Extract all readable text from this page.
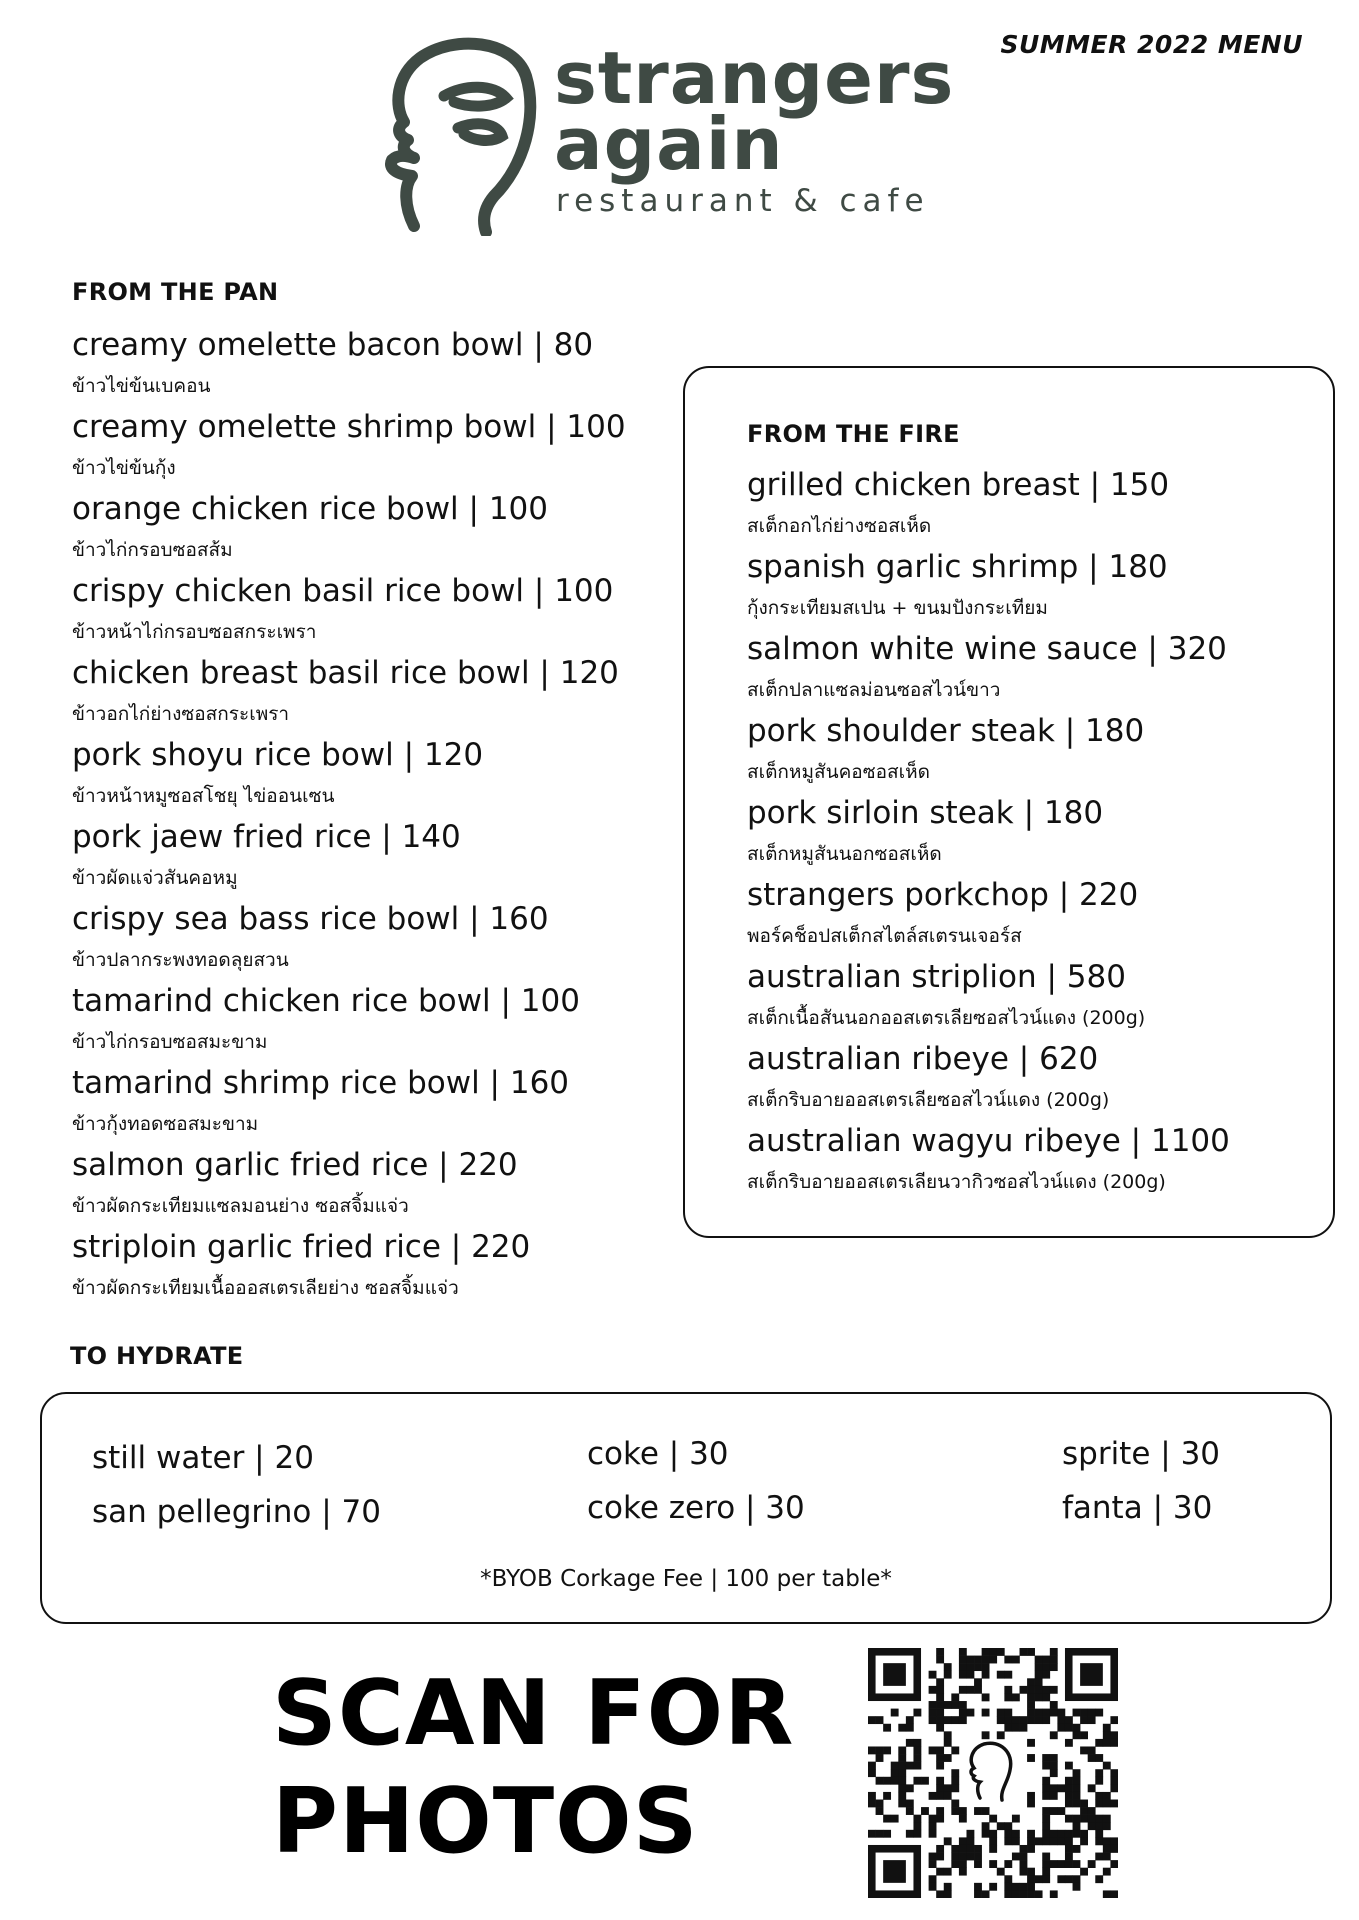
SUMMER 2022 MENU
strangers
again
restaurant & cafe
FROM THE PAN
creamy omelette bacon bowl | 80
ข้าวไข่ข้นเบคอน
creamy omelette shrimp bowl | 100
ข้าวไข่ข้นกุ้ง
orange chicken rice bowl | 100
ข้าวไก่กรอบซอสส้ม
crispy chicken basil rice bowl | 100
ข้าวหน้าไก่กรอบซอสกระเพรา
chicken breast basil rice bowl | 120
ข้าวอกไก่ย่างซอสกระเพรา
pork shoyu rice bowl | 120
ข้าวหน้าหมูซอสโชยุ ไข่ออนเซน
pork jaew fried rice | 140
ข้าวผัดแจ่วสันคอหมู
crispy sea bass rice bowl | 160
ข้าวปลากระพงทอดลุยสวน
tamarind chicken rice bowl | 100
ข้าวไก่กรอบซอสมะขาม
tamarind shrimp rice bowl | 160
ข้าวกุ้งทอดซอสมะขาม
salmon garlic fried rice | 220
ข้าวผัดกระเทียมแซลมอนย่าง ซอสจิ้มแจ่ว
striploin garlic fried rice | 220
ข้าวผัดกระเทียมเนื้อออสเตรเลียย่าง ซอสจิ้มแจ่ว
FROM THE FIRE
grilled chicken breast | 150
สเต็กอกไก่ย่างซอสเห็ด
spanish garlic shrimp | 180
กุ้งกระเทียมสเปน + ขนมปังกระเทียม
salmon white wine sauce | 320
สเต็กปลาแซลม่อนซอสไวน์ขาว
pork shoulder steak | 180
สเต็กหมูสันคอซอสเห็ด
pork sirloin steak | 180
สเต็กหมูสันนอกซอสเห็ด
strangers porkchop | 220
พอร์คช็อปสเต็กสไตล์สเตรนเจอร์ส
australian striplion | 580
สเต็กเนื้อสันนอกออสเตรเลียซอสไวน์แดง (200g)
australian ribeye | 620
สเต็กริบอายออสเตรเลียซอสไวน์แดง (200g)
australian wagyu ribeye | 1100
สเต็กริบอายออสเตรเลียนวากิวซอสไวน์แดง (200g)
TO HYDRATE
still water | 20
san pellegrino | 70
coke | 30
coke zero | 30
sprite | 30
fanta | 30
*BYOB Corkage Fee | 100 per table*
SCAN FOR
PHOTOS
